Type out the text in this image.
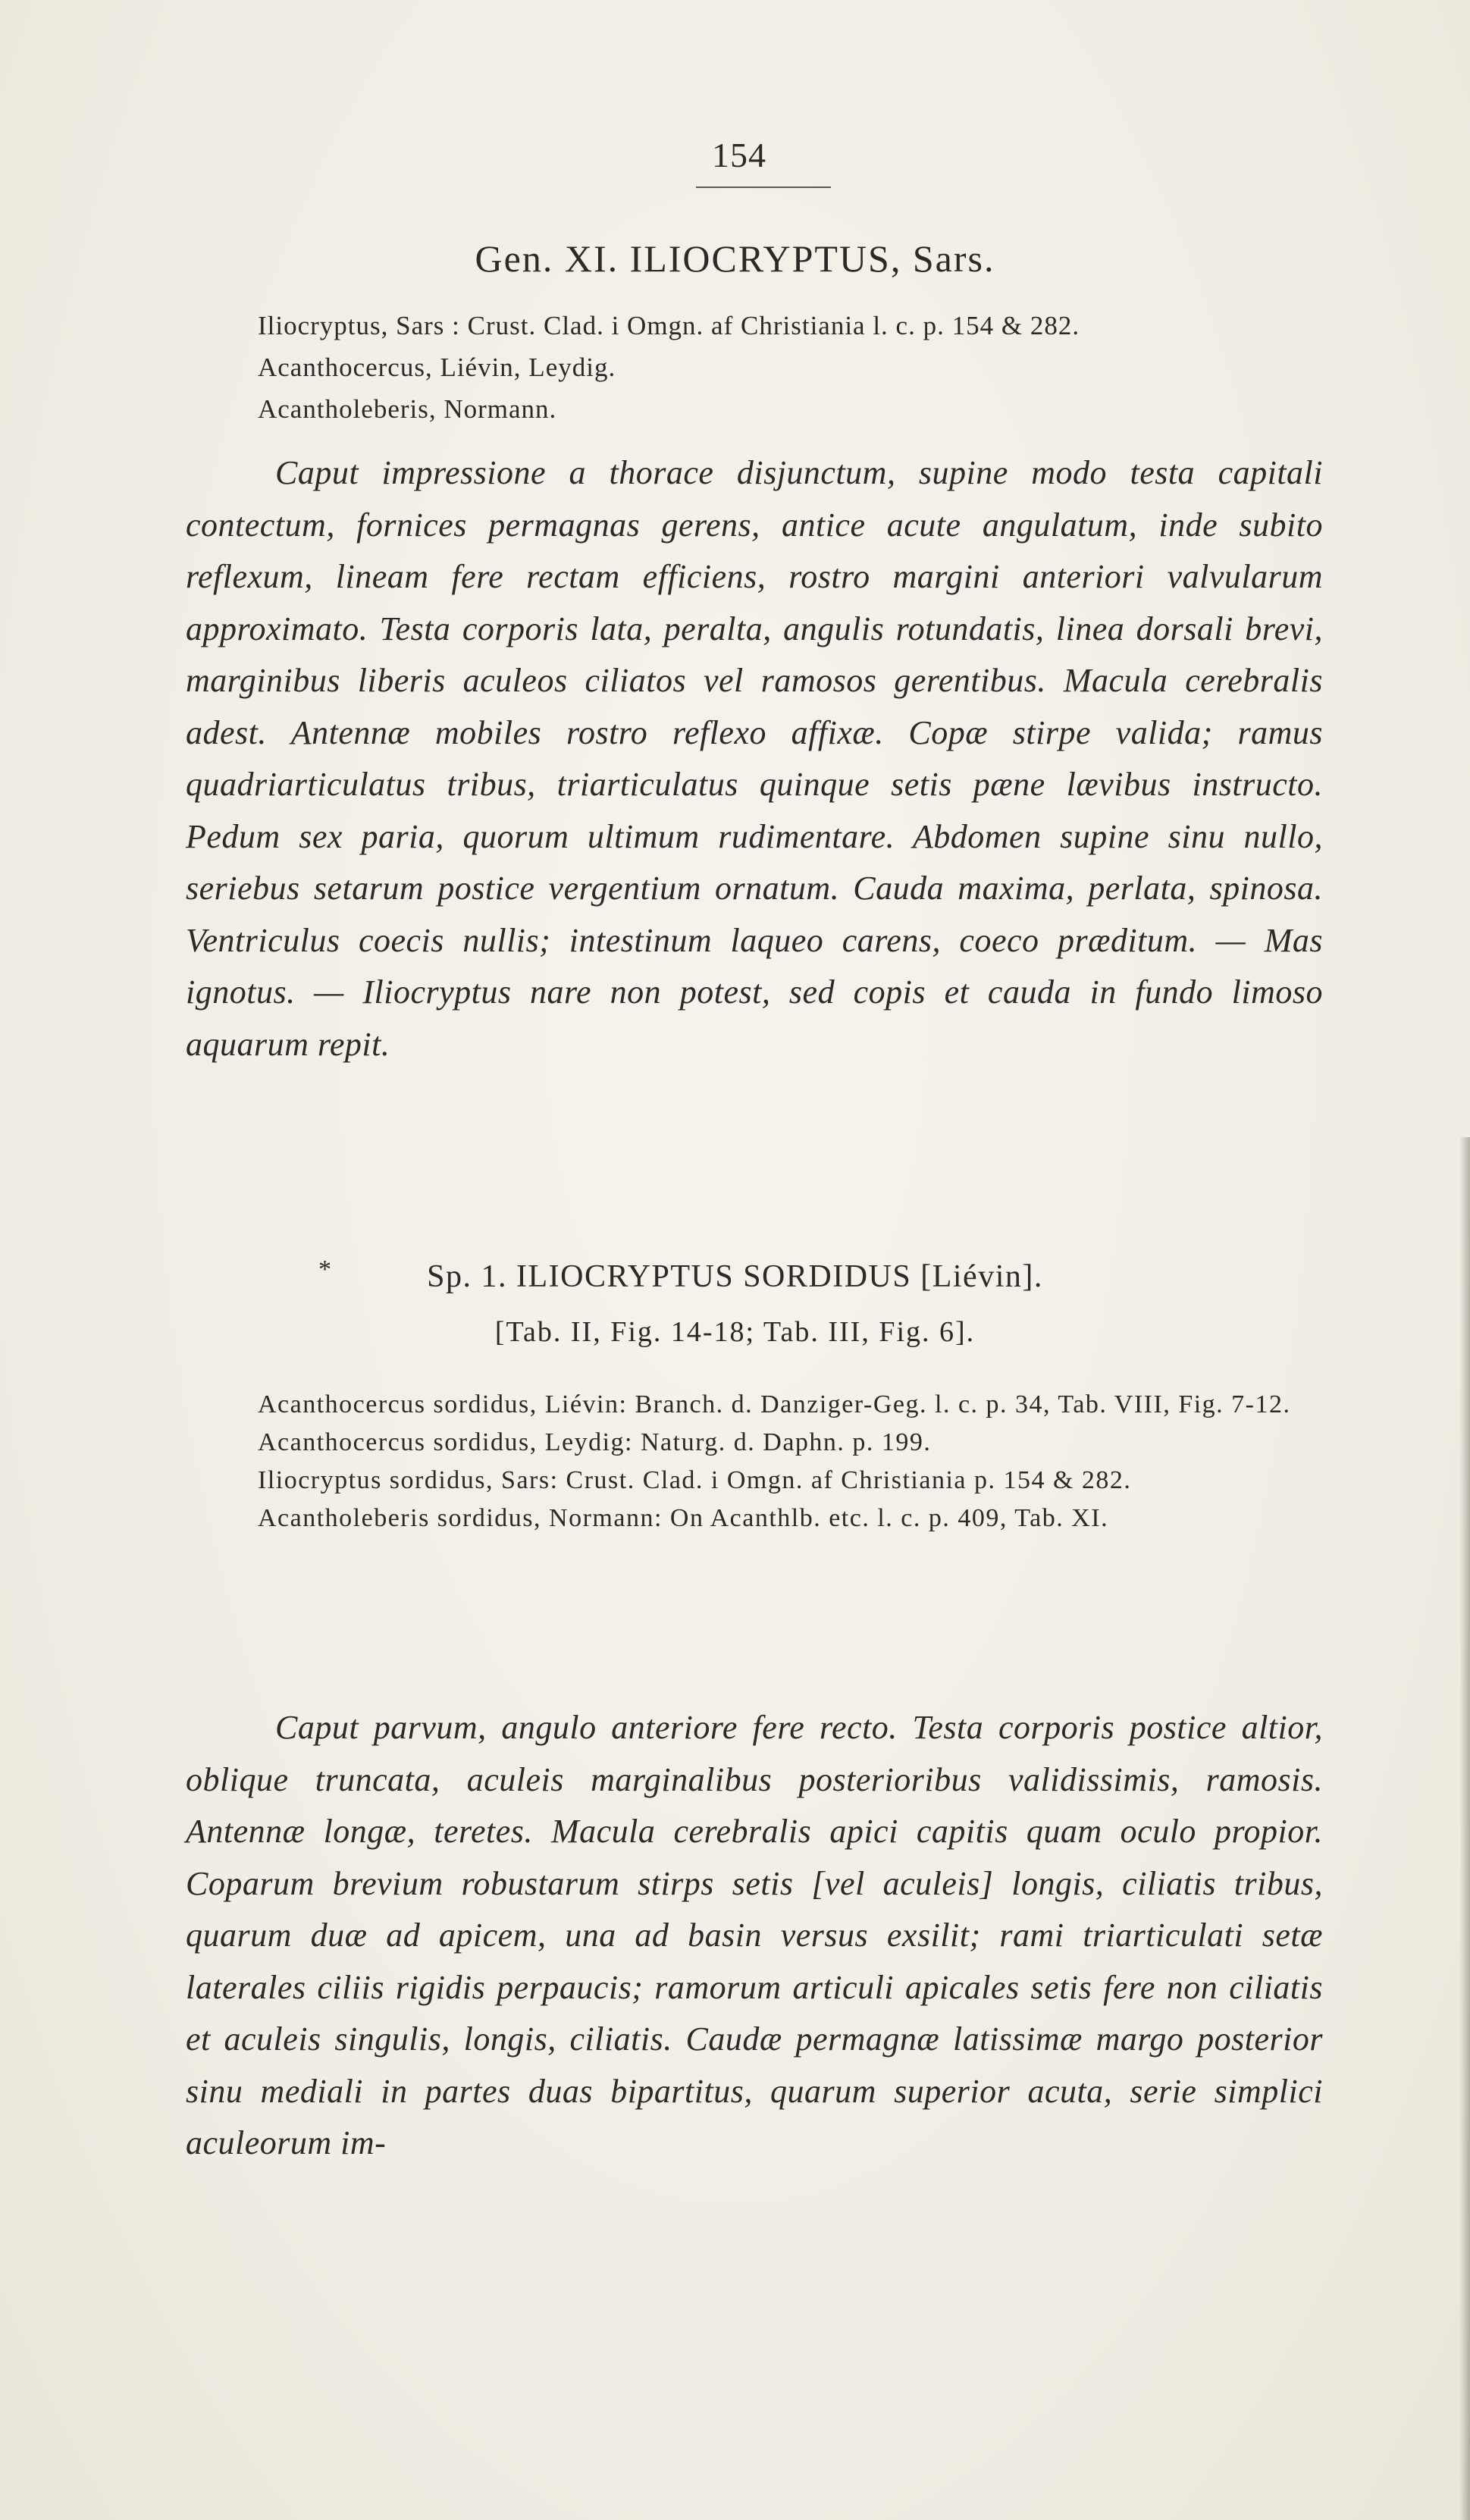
154
Gen. XI. ILIOCRYPTUS, Sars.
Iliocryptus, Sars : Crust. Clad. i Omgn. af Christiania l. c. p. 154 & 282.
Acanthocercus, Liévin, Leydig.
Acantholeberis, Normann.

Caput impressione a thorace disjunctum, supine modo testa capitali contectum, fornices permagnas gerens, antice acute angulatum, inde subito reflexum, lineam fere rectam efficiens, rostro margini anteriori valvularum approximato. Testa corporis lata, peralta, angulis rotundatis, linea dorsali brevi, marginibus liberis aculeos ciliatos vel ramosos gerentibus. Macula cerebralis adest. Antennæ mobiles rostro reflexo affixæ. Copæ stirpe valida; ramus quadriarticulatus tribus, triarticulatus quinque setis pæne lævibus instructo. Pedum sex paria, quorum ultimum rudimentare. Abdomen supine sinu nullo, seriebus setarum postice vergentium ornatum. Cauda maxima, perlata, spinosa. Ventriculus coecis nullis; intestinum laqueo carens, coeco præditum. — Mas ignotus. — Iliocryptus nare non potest, sed copis et cauda in fundo limoso aquarum repit.

*	Sp. 1. ILIOCRYPTUS SORDIDUS [Liévin].
[Tab. II, Fig. 14-18; Tab. III, Fig. 6].

Acanthocercus sordidus, Liévin: Branch. d. Danziger-Geg. l. c. p. 34, Tab. VIII, Fig. 7-12.

Acanthocercus sordidus, Leydig: Naturg. d. Daphn. p. 199.

Iliocryptus sordidus, Sars: Crust. Clad. i Omgn. af Christiania p. 154 & 282.

Acantholeberis sordidus, Normann: On Acanthlb. etc. l. c. p. 409, Tab. XI.

Caput parvum, angulo anteriore fere recto. Testa corporis postice altior, oblique truncata, aculeis marginalibus posterioribus validissimis, ramosis. Antennæ longæ, teretes. Macula cerebralis apici capitis quam oculo propior. Coparum brevium robustarum stirps setis [vel aculeis] longis, ciliatis tribus, quarum duæ ad apicem, una ad basin versus exsilit; rami triarticulati setæ laterales ciliis rigidis perpaucis; ramorum articuli apicales setis fere non ciliatis et aculeis singulis, longis, ciliatis. Caudæ permagnæ latissimæ margo posterior sinu mediali in partes duas bipartitus, quarum superior acuta, serie simplici aculeorum im-
